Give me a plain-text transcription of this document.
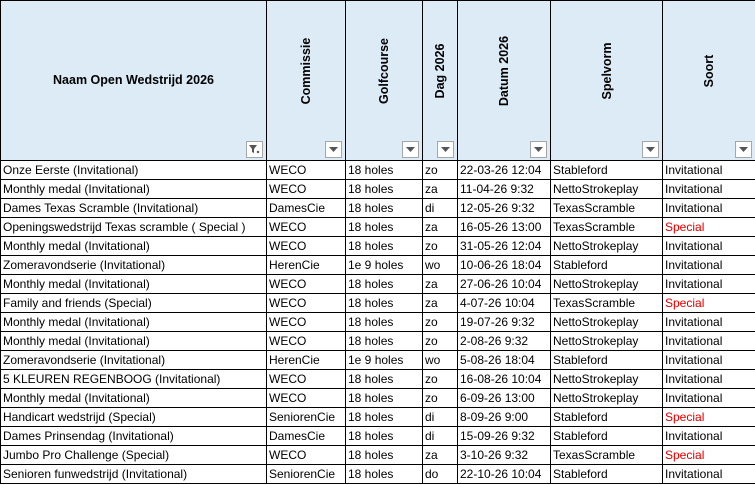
Naam Open Wedstrijd 2026	Commissie	Golfcourse	Dag 2026	Datum 2026	Spelvorm	Soort

Onze Eerste (Invitational)	WECO	18 holes	zo	22-03-26 12:04	Stableford	Invitational
Monthly medal (Invitational)	WECO	18 holes	za	11-04-26 9:32	NettoStrokeplay	Invitational
Dames Texas Scramble (Invitational)	DamesCie	18 holes	di	12-05-26 9:32	TexasScramble	Invitational
Openingswedstrijd Texas scramble ( Special )	WECO	18 holes	za	16-05-26 13:00	TexasScramble	Special
Monthly medal (Invitational)	WECO	18 holes	zo	31-05-26 12:04	NettoStrokeplay	Invitational
Zomeravondserie (Invitational)	HerenCie	1e 9 holes	wo	10-06-26 18:04	Stableford	Invitational
Monthly medal (Invitational)	WECO	18 holes	za	27-06-26 10:04	NettoStrokeplay	Invitational
Family and friends (Special)	WECO	18 holes	za	4-07-26 10:04	TexasScramble	Special
Monthly medal (Invitational)	WECO	18 holes	zo	19-07-26 9:32	NettoStrokeplay	Invitational
Monthly medal (Invitational)	WECO	18 holes	zo	2-08-26 9:32	NettoStrokeplay	Invitational
Zomeravondserie (Invitational)	HerenCie	1e 9 holes	wo	5-08-26 18:04	Stableford	Invitational
5 KLEUREN REGENBOOG (Invitational)	WECO	18 holes	zo	16-08-26 10:04	NettoStrokeplay	Invitational
Monthly medal (Invitational)	WECO	18 holes	zo	6-09-26 13:00	NettoStrokeplay	Invitational
Handicart wedstrijd (Special)	SeniorenCie	18 holes	di	8-09-26 9:00	Stableford	Special
Dames Prinsendag (Invitational)	DamesCie	18 holes	di	15-09-26 9:32	Stableford	Invitational
Jumbo Pro Challenge (Special)	WECO	18 holes	za	3-10-26 9:32	TexasScramble	Special
Senioren funwedstrijd (Invitational)	SeniorenCie	18 holes	do	22-10-26 10:04	Stableford	Invitational
